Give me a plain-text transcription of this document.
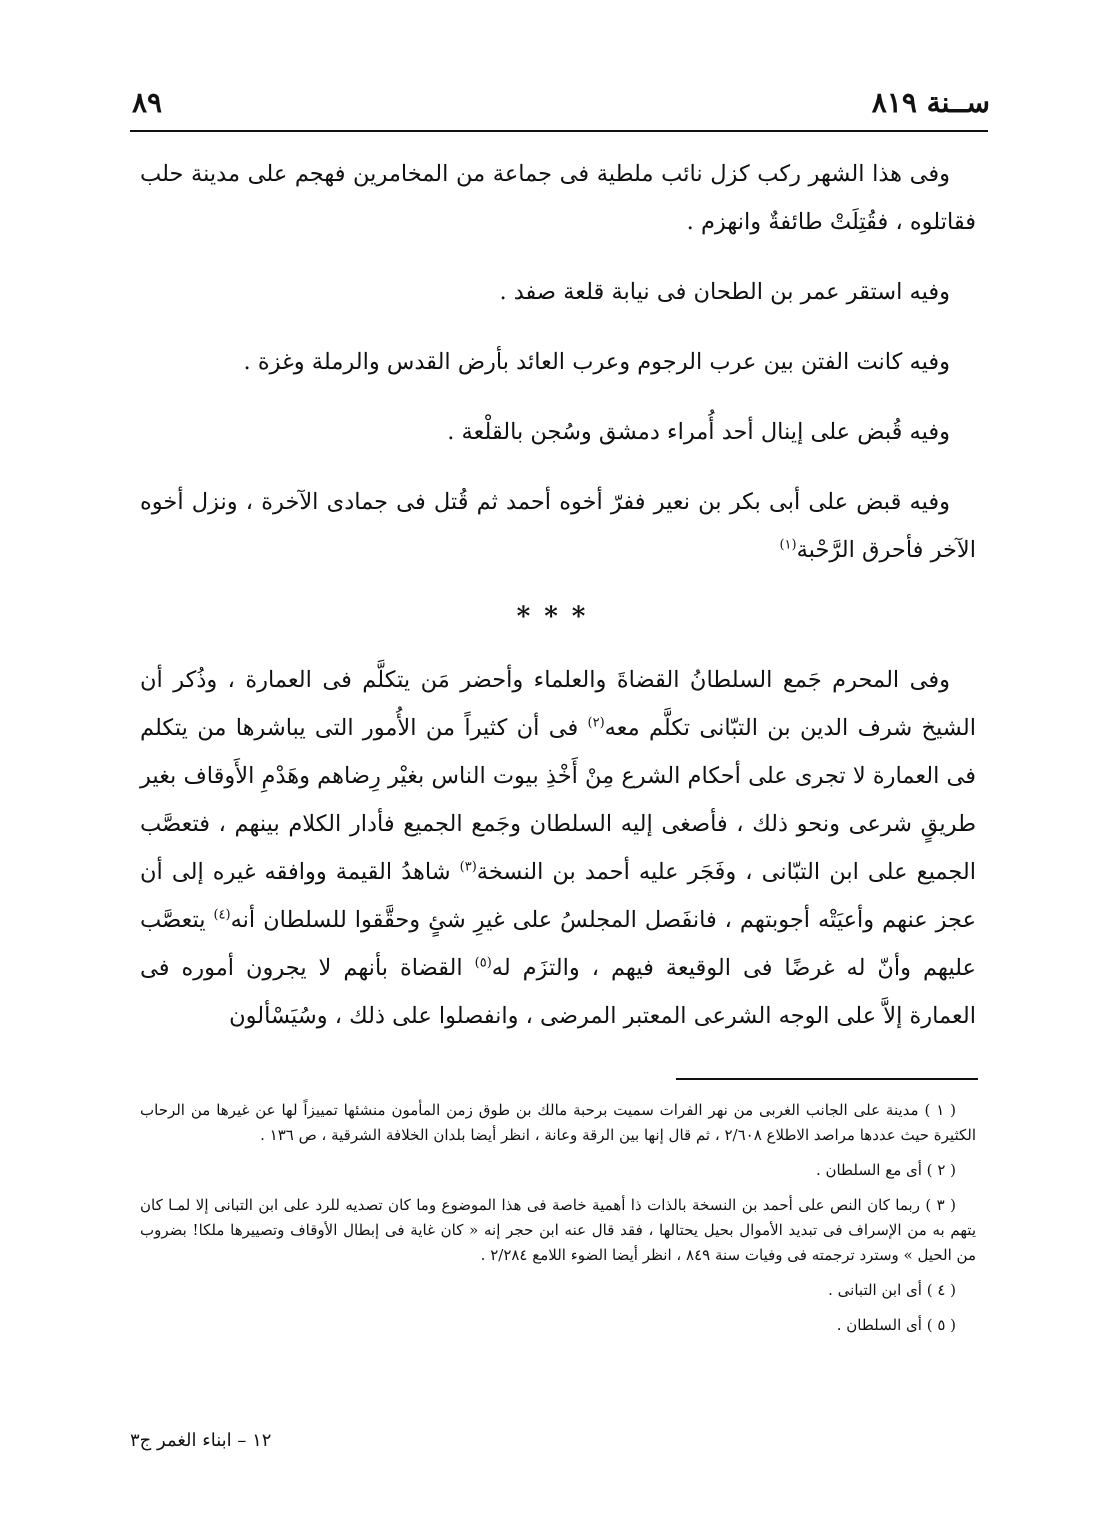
ســنة ٨١٩
٨٩

وفى هذا الشهر ركب كزل نائب ملطية فى جماعة من المخامرين فهجم على مدينة حلب فقاتلوه ، فقُتِلَتْ طائفةٌ وانهزم .

وفيه استقر عمر بن الطحان فى نيابة قلعة صفد .

وفيه كانت الفتن بين عرب الرجوم وعرب العائد بأرض القدس والرملة وغزة .

وفيه قُبض على إينال أحد أُمراء دمشق وسُجن بالقلْعة .

وفيه قبض على أبى بكر بن نعير ففرّ أخوه أحمد ثم قُتل فى جمادى الآخرة ، ونزل أخوه الآخر فأحرق الرَّحْبة$^{(١)}$

***

وفى المحرم جَمع السلطانُ القضاةَ والعلماء وأحضر مَن يتكلَّم فى العمارة ، وذُكر أن الشيخ شرف الدين بن التبّانى تكلَّم معه$^{(٢)}$ فى أن كثيراً من الأُمور التى يباشرها من يتكلم فى العمارة لا تجرى على أحكام الشرع مِنْ أَخْذِ بيوت الناس بغيْر رِضاهم وهَدْمِ الأَوقاف بغير طريقٍ شرعى ونحو ذلك ، فأصغى إليه السلطان وجَمع الجميع فأدار الكلام بينهم ، فتعصَّب الجميع على ابن التبّانى ، وفَجَر عليه أحمد بن النسخة$^{(٣)}$ شاهدُ القيمة ووافقه غيره إلى أن عجز عنهم وأعيَتْه أجوبتهم ، فانفَصل المجلسُ على غيرِ شئٍ وحقَّقوا للسلطان أنه$^{(٤)}$ يتعصَّب عليهم وأنّ له غرضًا فى الوقيعة فيهم ، والتزَم له$^{(٥)}$ القضاة بأنهم لا يجرون أموره فى العمارة إلاَّ على الوجه الشرعى المعتبر المرضى ، وانفصلوا على ذلك ، وسُيَسْألون

( ١ ) مدينة على الجانب الغربى من نهر الفرات سميت برحبة مالك بن طوق زمن المأمون منشئها تمييزاً لها عن غيرها من الرحاب الكثيرة حيث عددها مراصد الاطلاع ٢/٦٠٨ ، ثم قال إنها بين الرقة وعانة ، انظر أيضا بلدان الخلافة الشرقية ، ص ١٣٦ .

( ٢ ) أى مع السلطان .

( ٣ ) ربما كان النص على أحمد بن النسخة بالذات ذا أهمية خاصة فى هذا الموضوع وما كان تصديه للرد على ابن التبانى إلا لمـا كان يتهم به من الإسراف فى تبديد الأموال بحيل يحتالها ، فقد قال عنه ابن حجر إنه « كان غاية فى إبطال الأوقاف وتصييرها ملكا! بضروب من الحيل » وسترد ترجمته فى وفيات سنة ٨٤٩ ، انظر أيضا الضوء اللامع ٢/٢٨٤ .

( ٤ ) أى ابن التبانى .

( ٥ ) أى السلطان .

١٢ – ابناء الغمر ج٣
